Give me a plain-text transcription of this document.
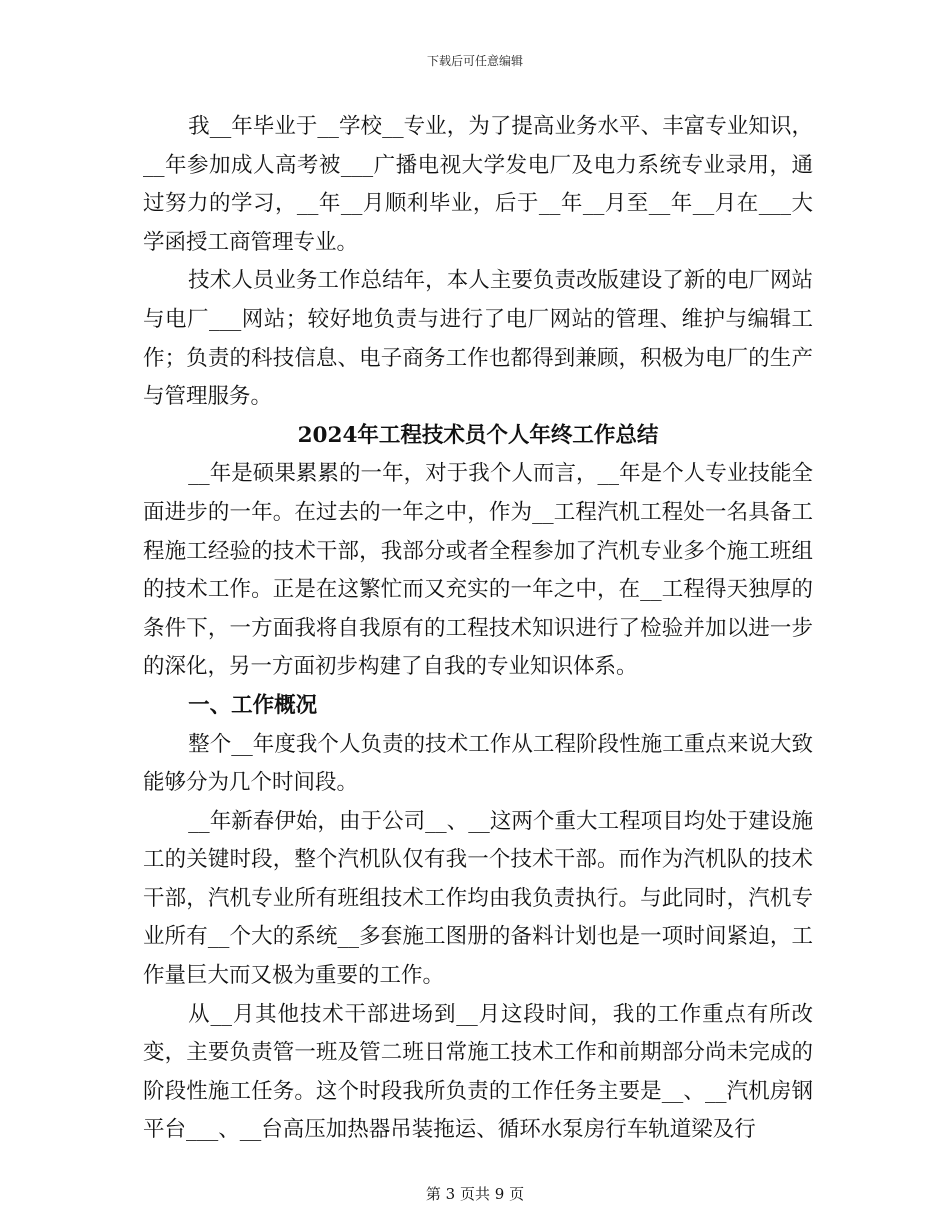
下载后可任意编辑

我__年毕业于__学校__专业，为了提高业务水平、丰富专业知识，__年参加成人高考被___广播电视大学发电厂及电力系统专业录用，通过努力的学习，__年__月顺利毕业，后于__年__月至__年__月在___大学函授工商管理专业。

技术人员业务工作总结年，本人主要负责改版建设了新的电厂网站与电厂___网站；较好地负责与进行了电厂网站的管理、维护与编辑工作；负责的科技信息、电子商务工作也都得到兼顾，积极为电厂的生产与管理服务。

2024年工程技术员个人年终工作总结

__年是硕果累累的一年，对于我个人而言，__年是个人专业技能全面进步的一年。在过去的一年之中，作为__工程汽机工程处一名具备工程施工经验的技术干部，我部分或者全程参加了汽机专业多个施工班组的技术工作。正是在这繁忙而又充实的一年之中，在__工程得天独厚的条件下，一方面我将自我原有的工程技术知识进行了检验并加以进一步的深化，另一方面初步构建了自我的专业知识体系。

一、工作概况

整个__年度我个人负责的技术工作从工程阶段性施工重点来说大致能够分为几个时间段。

__年新春伊始，由于公司__、__这两个重大工程项目均处于建设施工的关键时段，整个汽机队仅有我一个技术干部。而作为汽机队的技术干部，汽机专业所有班组技术工作均由我负责执行。与此同时，汽机专业所有__个大的系统__多套施工图册的备料计划也是一项时间紧迫，工作量巨大而又极为重要的工作。

从__月其他技术干部进场到__月这段时间，我的工作重点有所改变，主要负责管一班及管二班日常施工技术工作和前期部分尚未完成的阶段性施工任务。这个时段我所负责的工作任务主要是__、__汽机房钢平台___、__台高压加热器吊装拖运、循环水泵房行车轨道梁及行

第 3 页共 9 页
